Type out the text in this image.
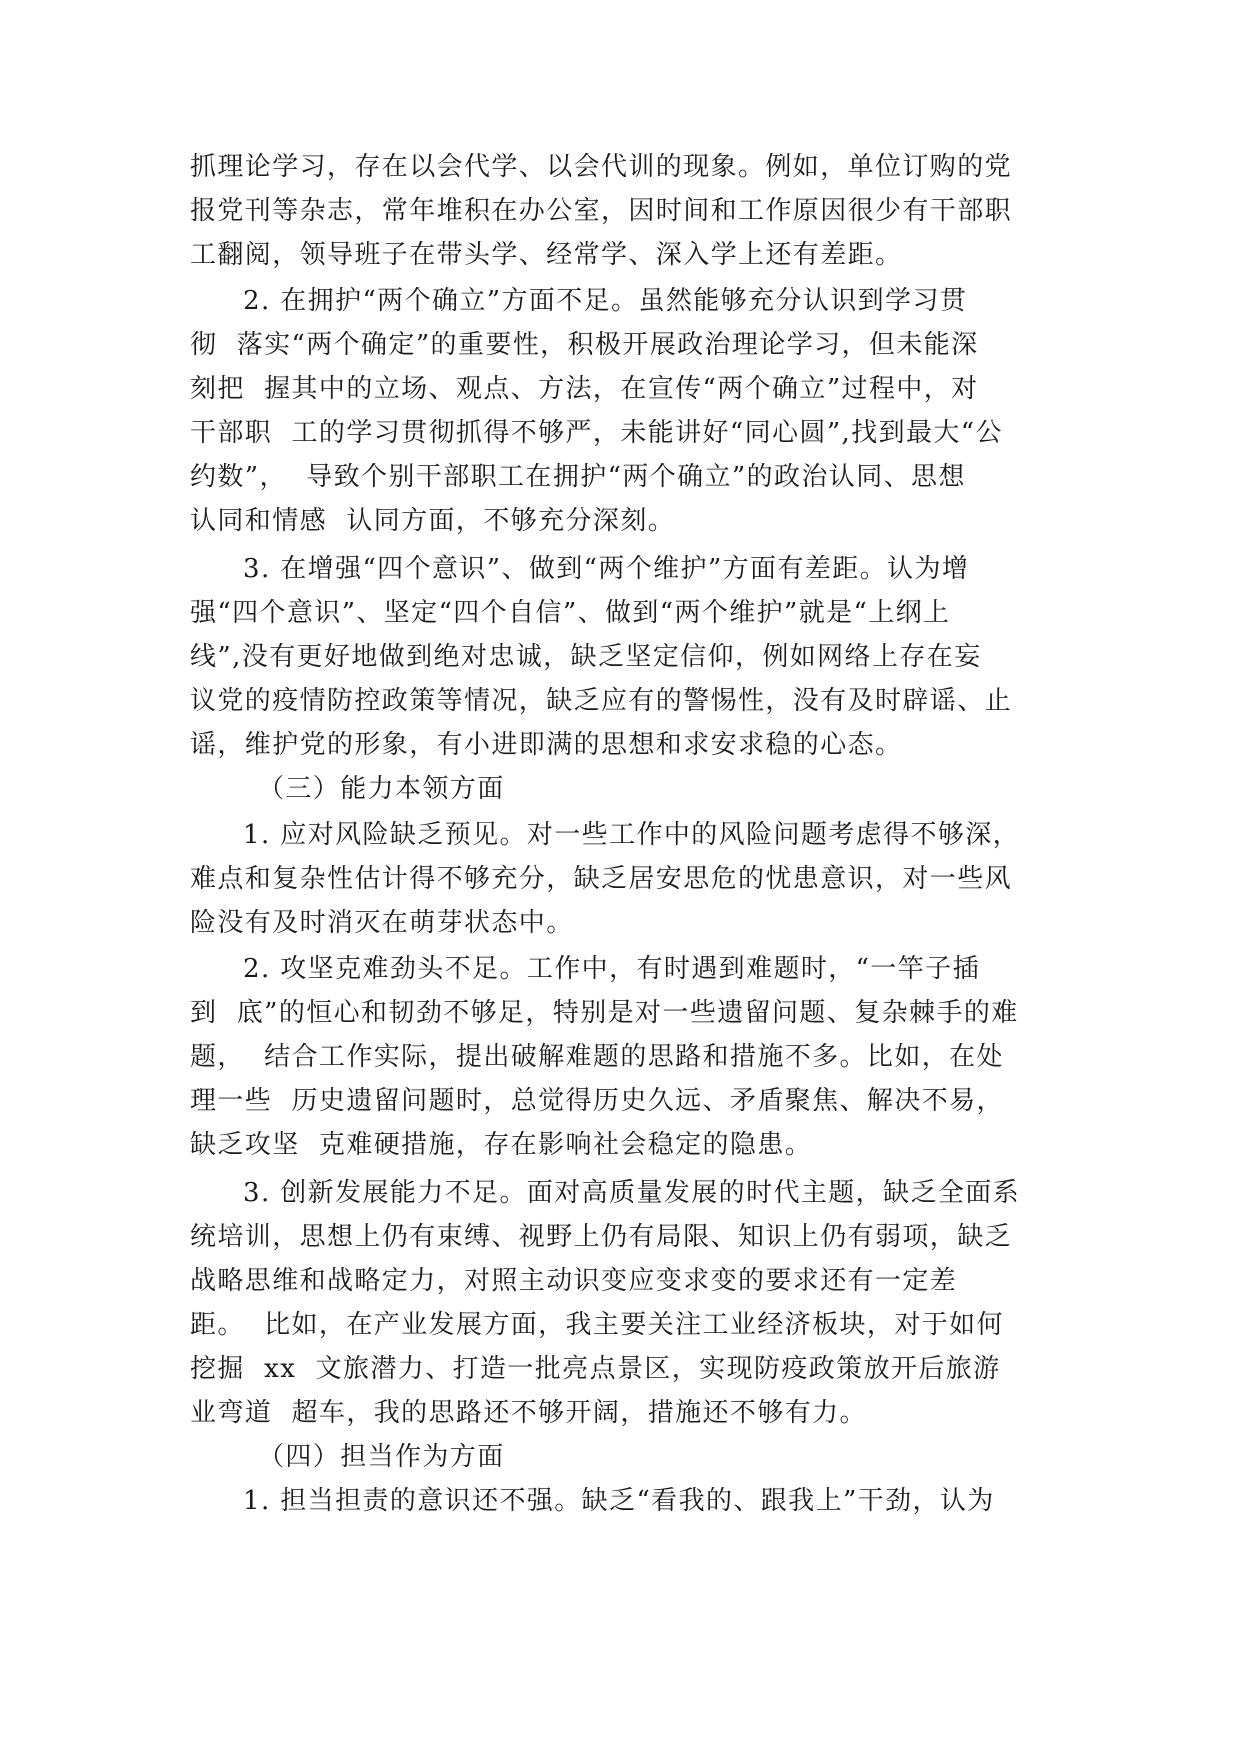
抓理论学习，存在以会代学、以会代训的现象。例如，单位订购的党

报党刊等杂志，常年堆积在办公室，因时间和工作原因很少有干部职

工翻阅，领导班子在带头学、经常学、深入学上还有差距。

2. 在拥护“两个确立”方面不足。虽然能够充分认识到学习贯

彻  落实“两个确定”的重要性，积极开展政治理论学习，但未能深

刻把  握其中的立场、观点、方法，在宣传“两个确立”过程中，对

干部职  工的学习贯彻抓得不够严，未能讲好“同心圆”,找到最大“公

约数”，  导致个别干部职工在拥护“两个确立”的政治认同、思想

认同和情感  认同方面，不够充分深刻。

3. 在增强“四个意识”、做到“两个维护”方面有差距。认为增

强“四个意识”、坚定“四个自信”、做到“两个维护”就是“上纲上

线”,没有更好地做到绝对忠诚，缺乏坚定信仰，例如网络上存在妄

议党的疫情防控政策等情况，缺乏应有的警惕性，没有及时辟谣、止

谣，维护党的形象，有小进即满的思想和求安求稳的心态。

（三）能力本领方面

1. 应对风险缺乏预见。对一些工作中的风险问题考虑得不够深，

难点和复杂性估计得不够充分，缺乏居安思危的忧患意识，对一些风

险没有及时消灭在萌芽状态中。

2. 攻坚克难劲头不足。工作中，有时遇到难题时，“一竿子插

到  底”的恒心和韧劲不够足，特别是对一些遗留问题、复杂棘手的难

题，  结合工作实际，提出破解难题的思路和措施不多。比如，在处

理一些  历史遗留问题时，总觉得历史久远、矛盾聚焦、解决不易，

缺乏攻坚  克难硬措施，存在影响社会稳定的隐患。

3. 创新发展能力不足。面对高质量发展的时代主题，缺乏全面系

统培训，思想上仍有束缚、视野上仍有局限、知识上仍有弱项，缺乏

战略思维和战略定力，对照主动识变应变求变的要求还有一定差

距。  比如，在产业发展方面，我主要关注工业经济板块，对于如何

挖掘  xx  文旅潜力、打造一批亮点景区，实现防疫政策放开后旅游

业弯道  超车，我的思路还不够开阔，措施还不够有力。

（四）担当作为方面

1. 担当担责的意识还不强。缺乏“看我的、跟我上”干劲，认为
